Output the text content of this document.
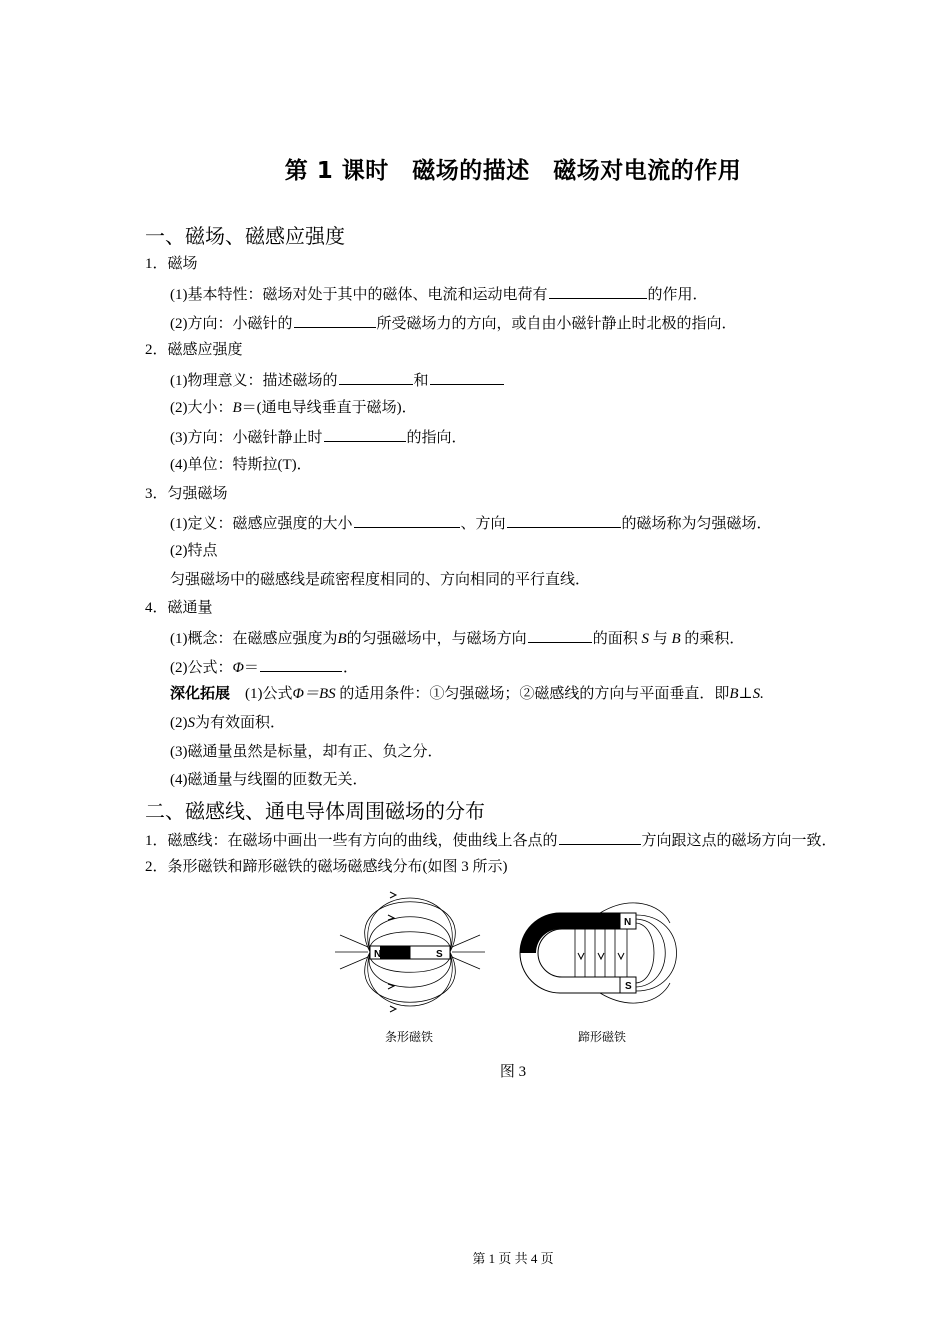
第 1 课时　磁场的描述　磁场对电流的作用
一、磁场、磁感应强度
1．磁场
(1)基本特性：磁场对处于其中的磁体、电流和运动电荷有	的作用．
(2)方向：小磁针的	所受磁场力的方向，或自由小磁针静止时北极的指向．
2．磁感应强度
(1)物理意义：描述磁场的	和
(2)大小：B＝(通电导线垂直于磁场)．
(3)方向：小磁针静止时	的指向．
(4)单位：特斯拉(T)．
3．匀强磁场
(1)定义：磁感应强度的大小	、方向	的磁场称为匀强磁场．
(2)特点
匀强磁场中的磁感线是疏密程度相同的、方向相同的平行直线．
4．磁通量
(1)概念：在磁感应强度为B的匀强磁场中，与磁场方向	的面积 S 与 B 的乘积．
(2)公式：Φ＝	．
深化拓展　 (1)公式Φ＝BS 的适用条件：①匀强磁场；②磁感线的方向与平面垂直．即B⊥S.
(2)S为有效面积．
(3)磁通量虽然是标量，却有正、负之分．
(4)磁通量与线圈的匝数无关．
二、磁感线、通电导体周围磁场的分布
1．磁感线：在磁场中画出一些有方向的曲线，使曲线上各点的	方向跟这点的磁场方向一致．
2．条形磁铁和蹄形磁铁的磁场磁感线分布(如图 3 所示)
N	S
条形磁铁
N
S
蹄形磁铁
图 3
第 1 页 共 4 页
